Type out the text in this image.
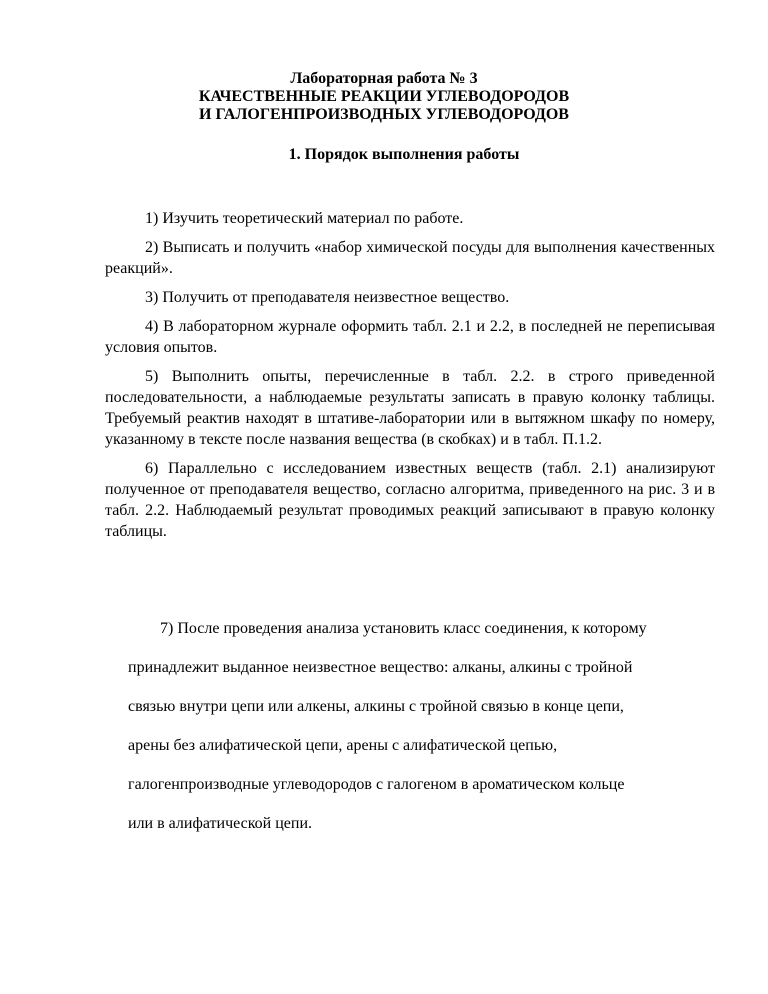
Лабораторная работа № 3
КАЧЕСТВЕННЫЕ РЕАКЦИИ УГЛЕВОДОРОДОВ
И ГАЛОГЕНПРОИЗВОДНЫХ УГЛЕВОДОРОДОВ
1. Порядок выполнения работы

1) Изучить теоретический материал по работе.

2) Выписать и получить «набор химической посуды для выполнения качественных реакций».

3) Получить от преподавателя неизвестное вещество.

4) В лабораторном журнале оформить табл. 2.1 и 2.2, в последней не переписывая условия опытов.

5) Выполнить опыты, перечисленные в табл. 2.2. в строго приведенной последовательности, а наблюдаемые результаты записать в правую колонку таблицы. Требуемый реактив находят в штативе-лаборатории или в вытяжном шкафу по номеру, указанному в тексте после названия вещества (в скобках) и в табл. П.1.2.

6) Параллельно с исследованием известных веществ (табл. 2.1) анализируют полученное от преподавателя вещество, согласно алгоритма, приведенного на рис. 3 и в табл. 2.2. Наблюдаемый результат проводимых реакций записывают в правую колонку таблицы.

7) После проведения анализа установить класс соединения, к которому
принадлежит выданное неизвестное вещество: алканы, алкины с тройной
связью внутри цепи или алкены, алкины с тройной связью в конце цепи,
арены без алифатической цепи, арены с алифатической цепью,
галогенпроизводные углеводородов с галогеном в ароматическом кольце
или в алифатической цепи.
